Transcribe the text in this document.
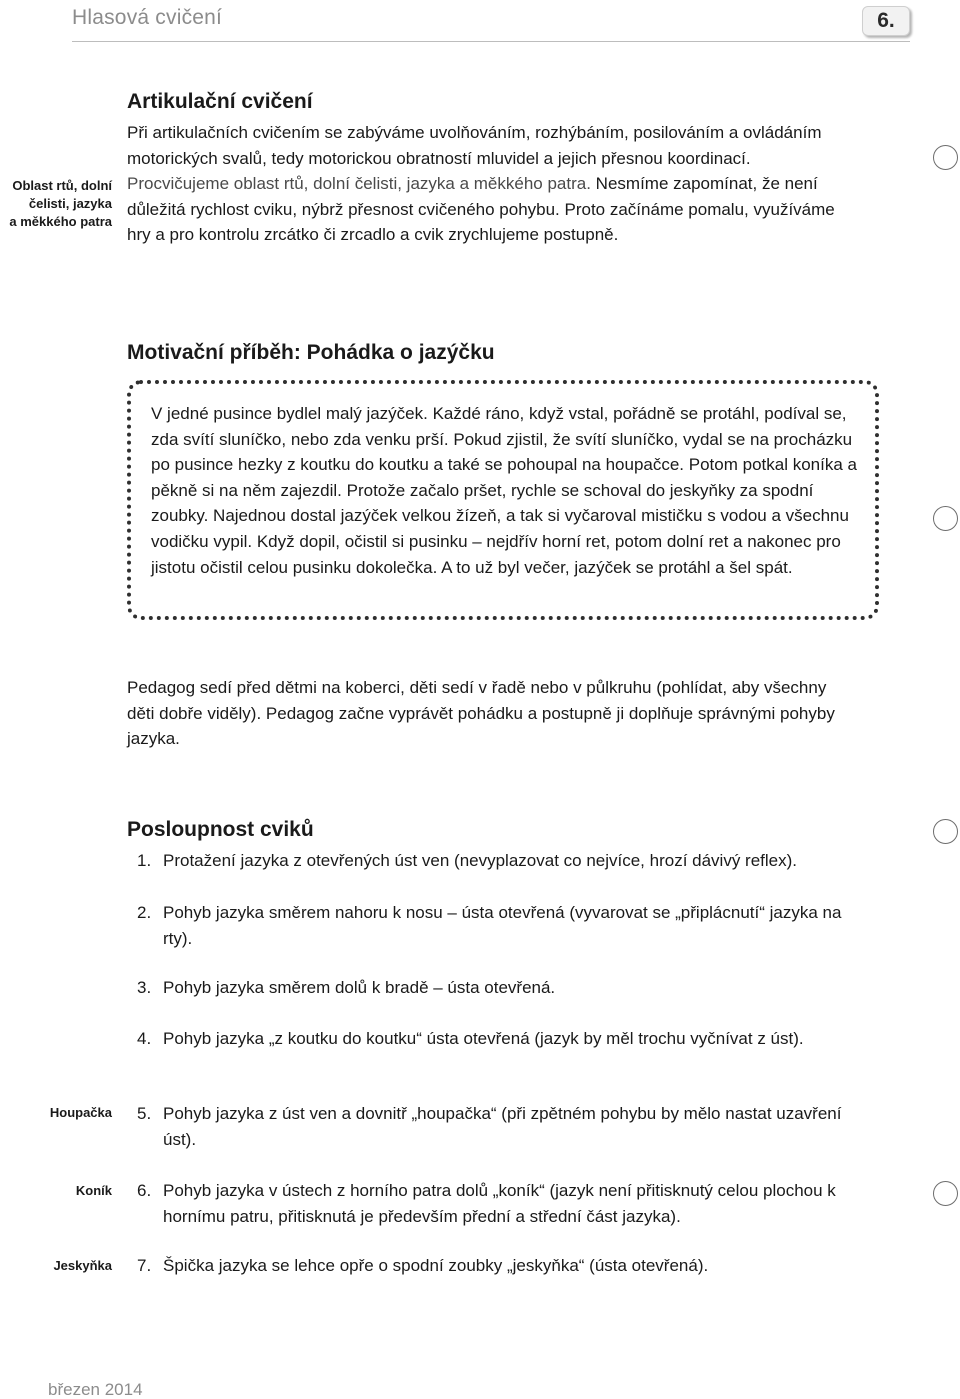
Hlasová cvičení	6.
Oblast rtů, dolní
čelisti, jazyka
a měkkého patra
Artikulační cvičení
Při artikulačních cvičením se zabýváme uvolňováním, rozhýbáním, posilováním a ovládáním motorických svalů, tedy motorickou obratností mluvidel a jejich přesnou koordinací. Procvičujeme oblast rtů, dolní čelisti, jazyka a měkkého patra. Nesmíme zapomínat, že není důležitá rychlost cviku, nýbrž přesnost cvičeného pohybu. Proto začínáme pomalu, využíváme hry a pro kontrolu zrcátko či zrcadlo a cvik zrychlujeme postupně.
Motivační příběh: Pohádka o jazýčku
V jedné pusince bydlel malý jazýček. Každé ráno, když vstal, pořádně se protáhl, podíval se, zda svítí sluníčko, nebo zda venku prší. Pokud zjistil, že svítí sluníčko, vydal se na procházku po pusince hezky z koutku do koutku a také se pohoupal na houpačce. Potom potkal koníka a pěkně si na něm zajezdil. Protože začalo pršet, rychle se schoval do jeskyňky za spodní zoubky. Najednou dostal jazýček velkou žízeň, a tak si vyčaroval mističku s vodou a všechnu vodičku vypil. Když dopil, očistil si pusinku – nejdřív horní ret, potom dolní ret a nakonec pro jistotu očistil celou pusinku dokolečka. A to už byl večer, jazýček se protáhl a šel spát.
Pedagog sedí před dětmi na koberci, děti sedí v řadě nebo v půlkruhu (pohlídat, aby všechny děti dobře viděly). Pedagog začne vyprávět pohádku a postupně ji doplňuje správnými pohyby jazyka.
Posloupnost cviků
1. Protažení jazyka z otevřených úst ven (nevyplazovat co nejvíce, hrozí dávivý reflex).
2. Pohyb jazyka směrem nahoru k nosu – ústa otevřená (vyvarovat se „připlácnutí“ jazyka na rty).
3. Pohyb jazyka směrem dolů k bradě – ústa otevřená.
4. Pohyb jazyka „z koutku do koutku“ ústa otevřená (jazyk by měl trochu vyčnívat z úst).
5. Pohyb jazyka z úst ven a dovnitř „houpačka“ (při zpětném pohybu by mělo nastat uzavření úst).
6. Pohyb jazyka v ústech z horního patra dolů „koník“ (jazyk není přitisknutý celou plochou k hornímu patru, přitisknutá je především přední a střední část jazyka).
7. Špička jazyka se lehce opře o spodní zoubky „jeskyňka“ (ústa otevřená).
Houpačka
Koník
Jeskyňka
březen 2014
